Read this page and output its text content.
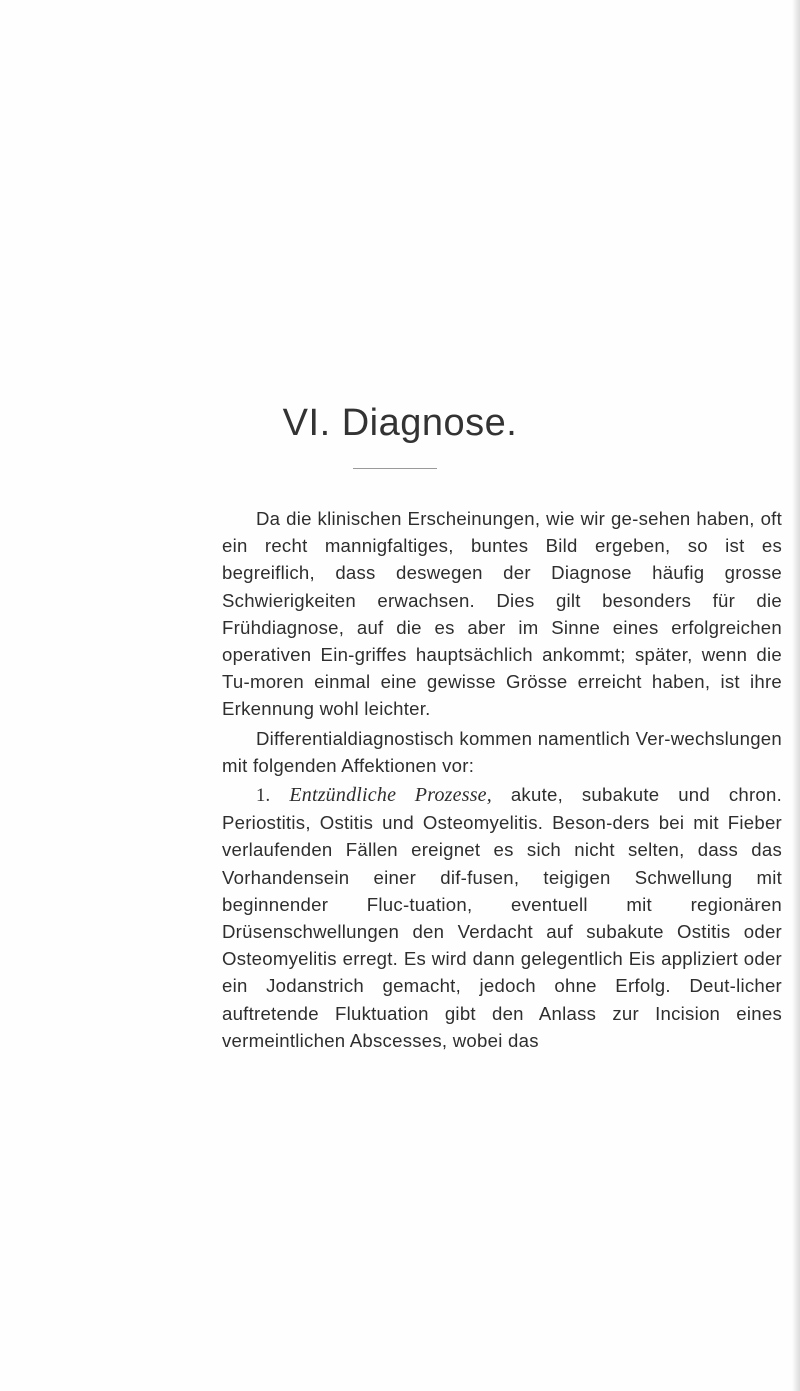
VI. Diagnose.

Da die klinischen Erscheinungen, wie wir ge-sehen haben, oft ein recht mannigfaltiges, buntes Bild ergeben, so ist es begreiflich, dass deswegen der Diagnose häufig grosse Schwierigkeiten erwachsen. Dies gilt besonders für die Frühdiagnose, auf die es aber im Sinne eines erfolgreichen operativen Ein-griffes hauptsächlich ankommt; später, wenn die Tu-moren einmal eine gewisse Grösse erreicht haben, ist ihre Erkennung wohl leichter.

Differentialdiagnostisch kommen namentlich Ver-wechslungen mit folgenden Affektionen vor:

1. Entzündliche Prozesse, akute, subakute und chron. Periostitis, Ostitis und Osteomyelitis. Beson-ders bei mit Fieber verlaufenden Fällen ereignet es sich nicht selten, dass das Vorhandensein einer dif-fusen, teigigen Schwellung mit beginnender Fluc-tuation, eventuell mit regionären Drüsenschwellungen den Verdacht auf subakute Ostitis oder Osteomyelitis erregt. Es wird dann gelegentlich Eis appliziert oder ein Jodanstrich gemacht, jedoch ohne Erfolg. Deut-licher auftretende Fluktuation gibt den Anlass zur Incision eines vermeintlichen Abscesses, wobei das
